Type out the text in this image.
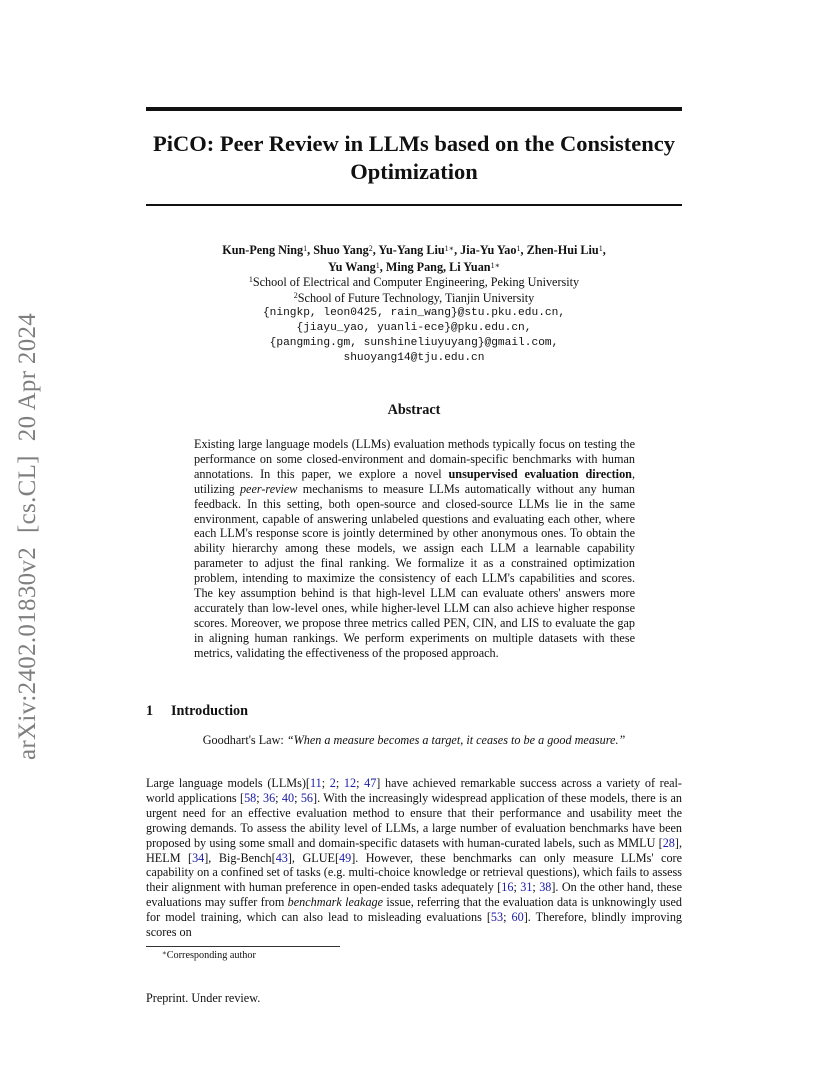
arXiv:2402.01830v2[cs.CL]20 Apr 2024
PiCO: Peer Review in LLMs based on the Consistency
Optimization
Kun-Peng Ning$^1$, Shuo Yang$^2$, Yu-Yang Liu$^{1∗}$, Jia-Yu Yao$^1$, Zhen-Hui Liu$^1$,
Yu Wang$^1$, Ming Pang, Li Yuan$^{1∗}$
$^1$School of Electrical and Computer Engineering, Peking University
$^2$School of Future Technology, Tianjin University
{ningkp, leon0425, rain_wang}@stu.pku.edu.cn,
{jiayu_yao, yuanli-ece}@pku.edu.cn,
{pangming.gm, sunshineliuyuyang}@gmail.com,
shuoyang14@tju.edu.cn
Abstract
Existing large language models (LLMs) evaluation methods typically focus on testing the performance on some closed-environment and domain-specific benchmarks with human annotations. In this paper, we explore a novel unsupervised evaluation direction, utilizing peer-review mechanisms to measure LLMs automatically without any human feedback. In this setting, both open-source and closed-source LLMs lie in the same environment, capable of answering unlabeled questions and evaluating each other, where each LLM's response score is jointly determined by other anonymous ones. To obtain the ability hierarchy among these models, we assign each LLM a learnable capability parameter to adjust the final ranking. We formalize it as a constrained optimization problem, intending to maximize the consistency of each LLM's capabilities and scores. The key assumption behind is that high-level LLM can evaluate others' answers more accurately than low-level ones, while higher-level LLM can also achieve higher response scores. Moreover, we propose three metrics called PEN, CIN, and LIS to evaluate the gap in aligning human rankings. We perform experiments on multiple datasets with these metrics, validating the effectiveness of the proposed approach.
1 Introduction
Goodhart's Law: “When a measure becomes a target, it ceases to be a good measure.”
Large language models (LLMs)[11; 2; 12; 47] have achieved remarkable success across a variety of real-world applications [58; 36; 40; 56]. With the increasingly widespread application of these models, there is an urgent need for an effective evaluation method to ensure that their performance and usability meet the growing demands. To assess the ability level of LLMs, a large number of evaluation benchmarks have been proposed by using some small and domain-specific datasets with human-curated labels, such as MMLU [28], HELM [34], Big-Bench[43], GLUE[49]. However, these benchmarks can only measure LLMs' core capability on a confined set of tasks (e.g. multi-choice knowledge or retrieval questions), which fails to assess their alignment with human preference in open-ended tasks adequately [16; 31; 38]. On the other hand, these evaluations may suffer from benchmark leakage issue, referring that the evaluation data is unknowingly used for model training, which can also lead to misleading evaluations [53; 60]. Therefore, blindly improving scores on
∗Corresponding author
Preprint. Under review.
